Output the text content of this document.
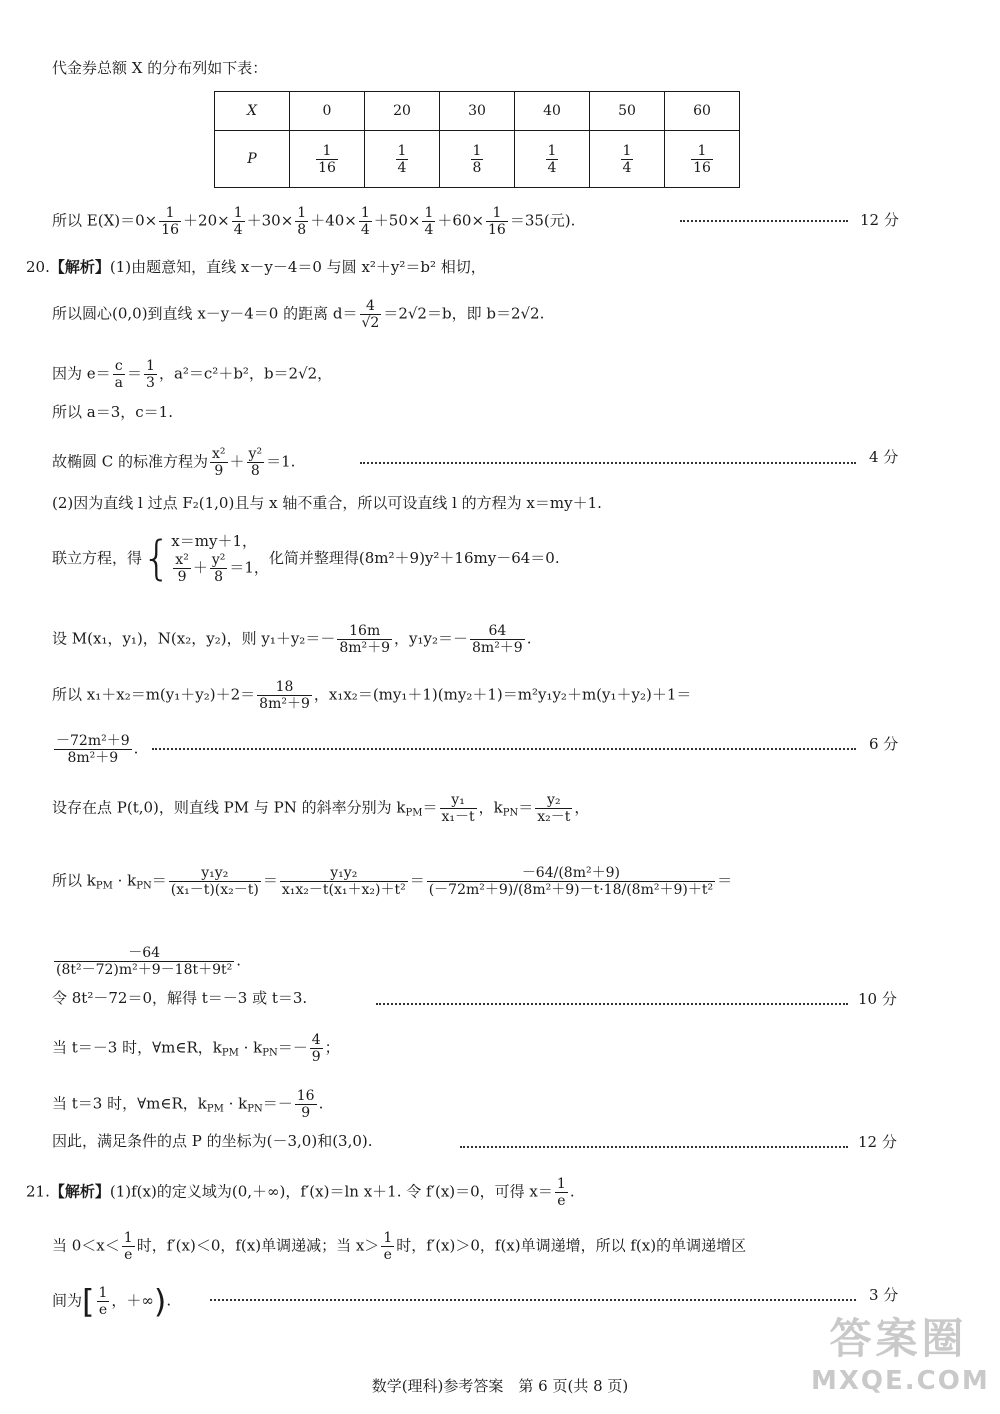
代金券总额 X 的分布列如下表：
X	0	20	30	40	50	60
P	$\frac{1}{16}$	$\frac{1}{4}$	$\frac{1}{8}$	$\frac{1}{4}$	$\frac{1}{4}$	$\frac{1}{16}$
所以 $E(X)=0\times \frac{1}{16} +20\times \frac{1}{4} +30\times \frac{1}{8} +40\times \frac{1}{4} +50\times \frac{1}{4} +60\times \frac{1}{16} =35$(元).	12 分
20.【解析】(1)由题意知，直线 x－y－4＝0 与圆 x²＋y²＝b² 相切，
所以圆心(0,0)到直线 x－y－4＝0 的距离 $d= \frac{4}{√2} =2√2=b$，即 b＝2√2.
因为 $e= \frac{c}{a} = \frac{1}{3}$ ，a²＝c²＋b²，b＝2√2，
所以 a＝3，c＝1.
故椭圆 C 的标准方程为 $\frac{\text{x²}}{9} + \frac{\text{y²}}{8} =1$.	4 分
(2)因为直线 l 过点 F₂(1,0)且与 x 轴不重合，所以可设直线 l 的方程为 x＝my＋1.
联立方程，得{ x＝my＋1，
$\frac{\text{x²}}{9} + \frac{\text{y²}}{8} =1$，
化简并整理得(8m²＋9)y²＋16my－64＝0.
设 M(x₁，y₁)，N(x₂，y₂)，则 $y_1+y_2=- \frac{16m}{\text{8m²＋9}}$ ，$y_1y_2=- \frac{64}{\text{8m²＋9}}$ .
所以 $x_1+x_2=m(y_1+y_2)+2= \frac{18}{\text{8m²＋9}}$ ，x₁x₂＝(my₁＋1)(my₂＋1)＝m²y₁y₂＋m(y₁＋y₂)＋1＝
$\frac{\text{－72m²＋9}}{\text{8m²＋9}}$ .	6 分
设存在点 P(t,0)，则直线 PM 与 PN 的斜率分别为 $k_{PM}= \frac{\text{y₁}}{\text{x₁－t}}$ ，$k_{PN}= \frac{\text{y₂}}{\text{x₂－t}}$ ，
所以 $k_{PM} \cdot k_{PN}= \frac{\text{y₁y₂}}{\text{(x₁－t)(x₂－t)}} = \frac{\text{y₁y₂}}{\text{x₁x₂－t(x₁＋x₂)＋t²}} = \frac{\text{－64/(8m²＋9)}}{\text{(－72m²＋9)/(8m²＋9)－t·18/(8m²＋9)＋t²}}$ ＝
$\frac{-64}{\text{(8t²－72)m²＋9－18t＋9t²}}$ .
令 8t²－72＝0，解得 t＝－3 或 t＝3.	10 分
当 t＝－3 时，∀m∈R，$k_{PM} \cdot k_{PN}=- \frac{4}{9}$ ；
当 t＝3 时，∀m∈R，$k_{PM} \cdot k_{PN}=- \frac{16}{9}$ .
因此，满足条件的点 P 的坐标为(－3,0)和(3,0).	12 分
21.【解析】(1)f(x)的定义域为(0,＋∞)，f′(x)＝ln x＋1. 令 f′(x)＝0，可得 $x= \frac{1}{e}$ .
当 $0<x< \frac{1}{e}$ 时，f′(x)＜0，f(x)单调递减；当 $x> \frac{1}{e}$ 时，f′(x)＞0，f(x)单调递增，所以 f(x)的单调递增区
间为[ $\frac{1}{e}$ ，＋∞).	3 分
数学(理科)参考答案　第 6 页(共 8 页)
答案圈
MXQE.COM
